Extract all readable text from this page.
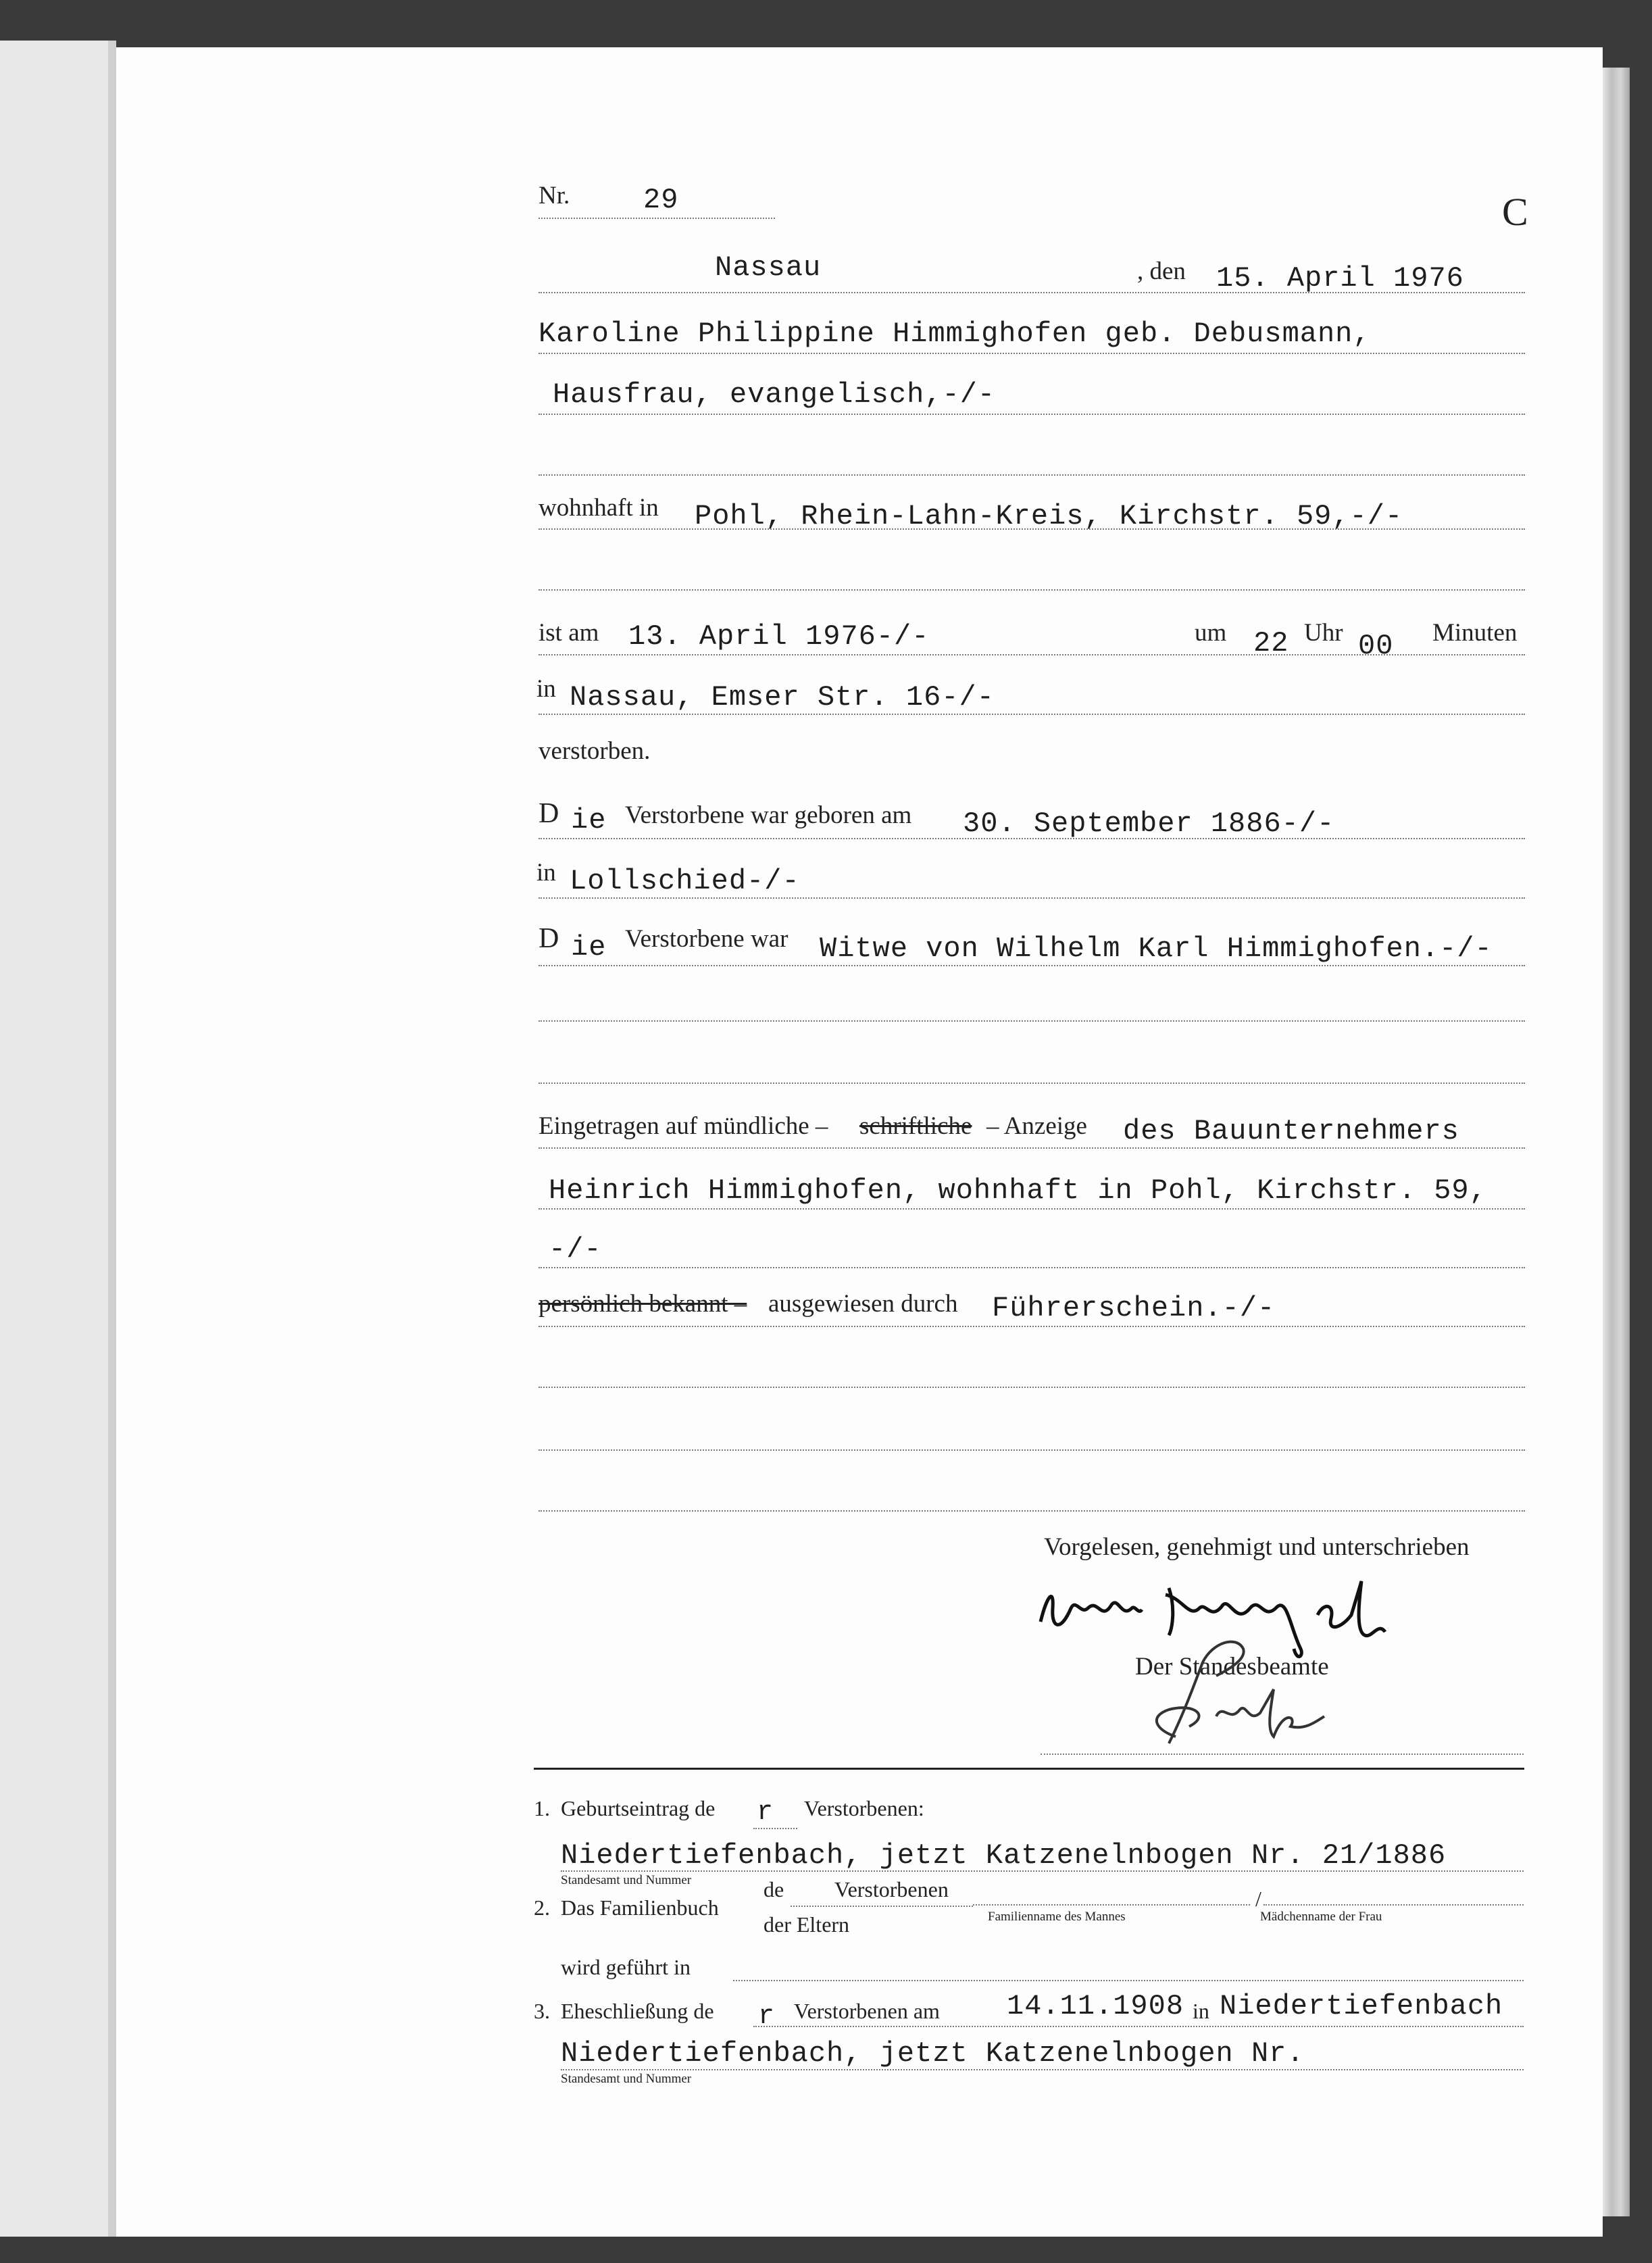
Nr.	29	C
Nassau	, den 15. April 1976
Karoline Philippine Himmighofen geb. Debusmann,
Hausfrau, evangelisch,-/-
wohnhaft in Pohl, Rhein-Lahn-Kreis, Kirchstr. 59,-/-
ist am 13. April 1976-/-	um 22 Uhr 00 Minuten
in Nassau, Emser Str. 16-/-
verstorben.
D ie Verstorbene war geboren am 30. September 1886-/-
in Lollschied-/-
D ie Verstorbene war Witwe von Wilhelm Karl Himmighofen.-/-
Eingetragen auf mündliche – schriftliche – Anzeige des Bauunternehmers
Heinrich Himmighofen, wohnhaft in Pohl, Kirchstr. 59,
-/-
persönlich bekannt – ausgewiesen durch Führerschein.-/-
Vorgelesen, genehmigt und unterschrieben
Der Standesbeamte
1. Geburtseintrag de r Verstorbenen:
Niedertiefenbach, jetzt Katzenelnbogen Nr. 21/1886
Standesamt und Nummer	de Verstorbenen
2. Das Familienbuch	/
Familienname des Mannes	Mädchenname der Frau
der Eltern
wird geführt in
3. Eheschließung de r Verstorbenen am 14.11.1908 in Niedertiefenbach
Niedertiefenbach, jetzt Katzenelnbogen Nr.
Standesamt und Nummer
